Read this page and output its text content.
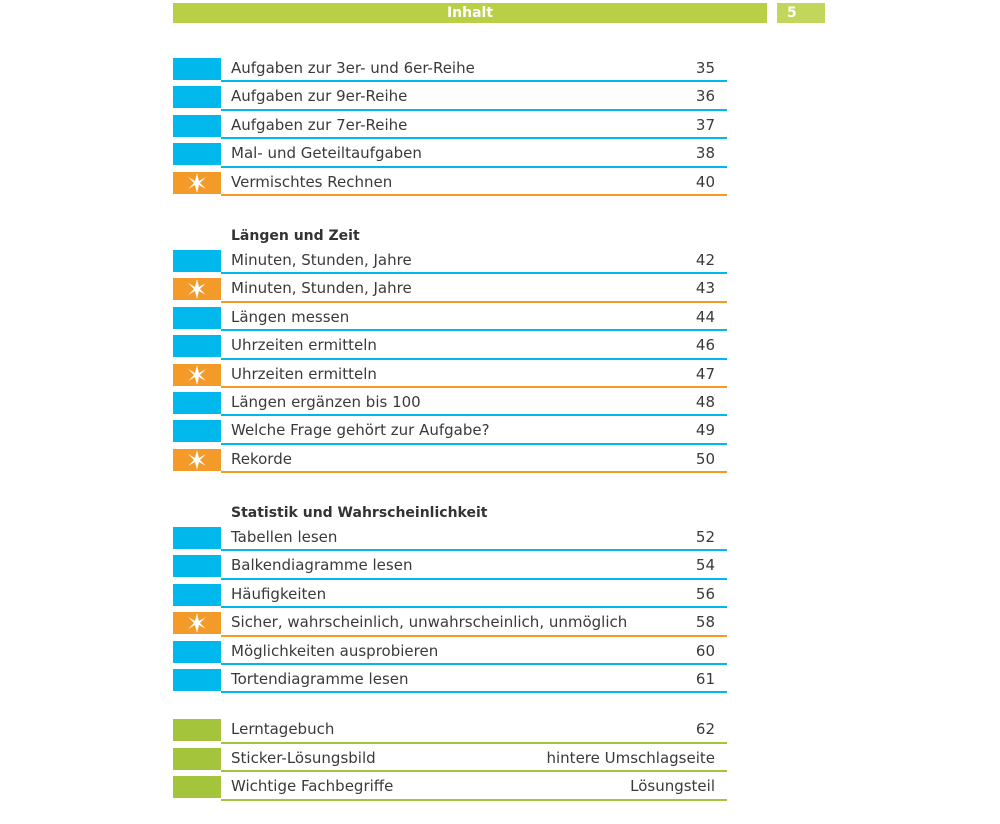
Inhalt	5
Aufgaben zur 3er- und 6er-Reihe	35
Aufgaben zur 9er-Reihe	36
Aufgaben zur 7er-Reihe	37
Mal- und Geteiltaufgaben	38
Vermischtes Rechnen	40
Längen und Zeit
Minuten, Stunden, Jahre	42
Minuten, Stunden, Jahre	43
Längen messen	44
Uhrzeiten ermitteln	46
Uhrzeiten ermitteln	47
Längen ergänzen bis 100	48
Welche Frage gehört zur Aufgabe?	49
Rekorde	50
Statistik und Wahrscheinlichkeit
Tabellen lesen	52
Balkendiagramme lesen	54
Häufigkeiten	56
Sicher, wahrscheinlich, unwahrscheinlich, unmöglich	58
Möglichkeiten ausprobieren	60
Tortendiagramme lesen	61
Lerntagebuch	62
Sticker-Lösungsbild	hintere Umschlagseite
Wichtige Fachbegriffe	Lösungsteil
